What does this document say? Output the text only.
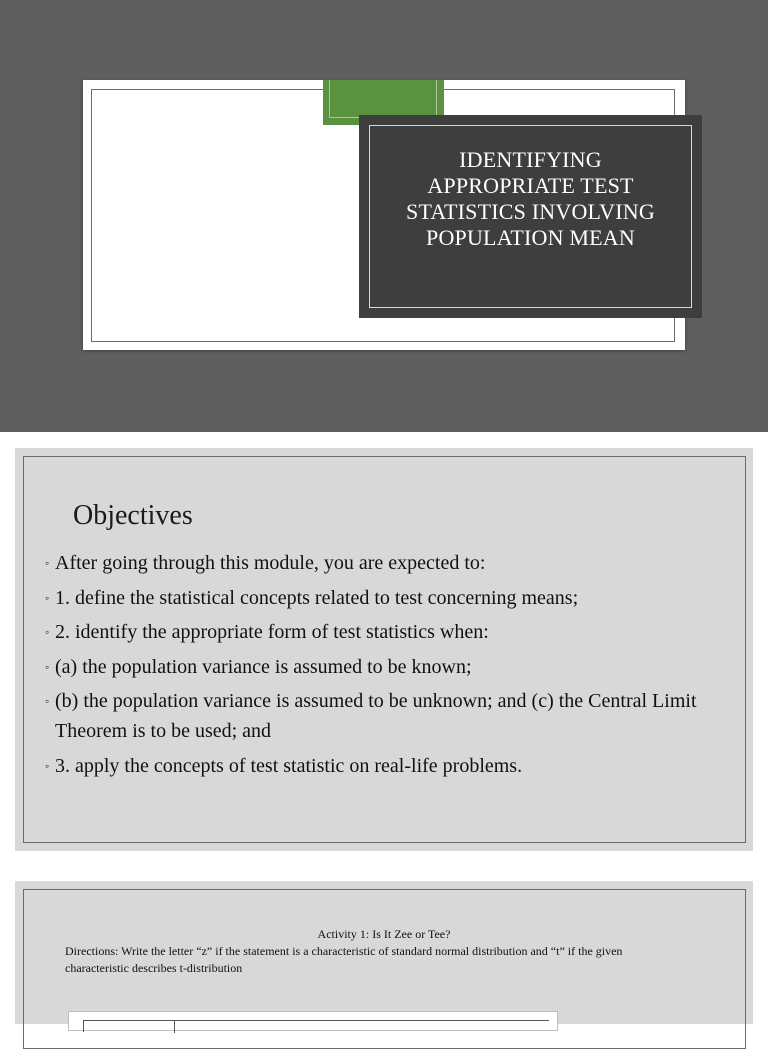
IDENTIFYING
APPROPRIATE TEST
STATISTICS INVOLVING
POPULATION MEAN
Objectives
◦ After going through this module, you are expected to:
◦ 1. define the statistical concepts related to test concerning means;
◦ 2. identify the appropriate form of test statistics when:
◦ (a) the population variance is assumed to be known;
◦ (b) the population variance is assumed to be unknown; and (c) the Central Limit Theorem is to be used; and
◦ 3. apply the concepts of test statistic on real-life problems.

Activity 1: Is It Zee or Tee?

Directions: Write the letter “z” if the statement is a characteristic of standard normal distribution and “t” if the given characteristic describes t-distribution
